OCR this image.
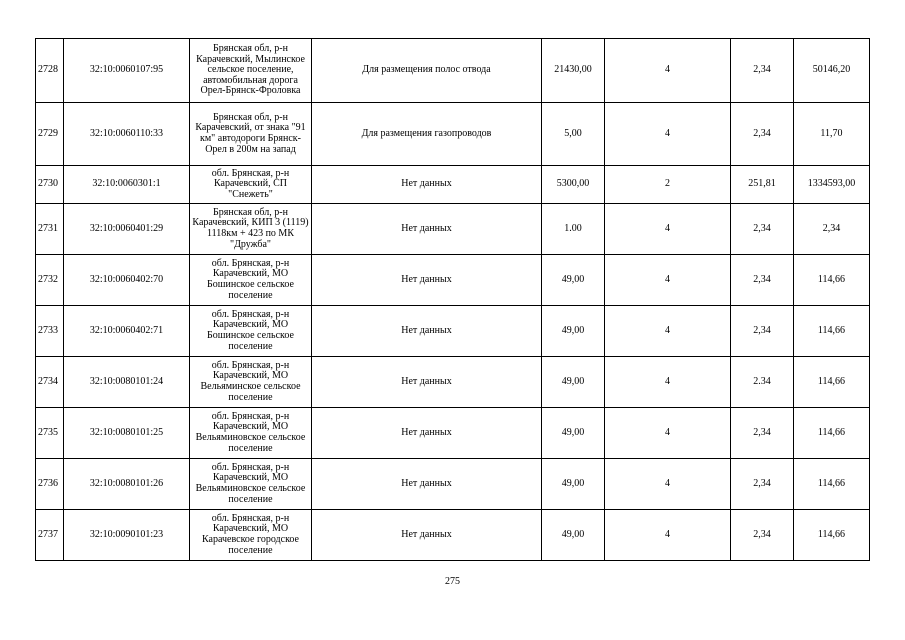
2728	32:10:0060107:95	Брянская обл, р-н Карачевский, Мылинское сельское поселение, автомобильная дорога Орел-Брянск-Фроловка	Для размещения полос отвода	21430,00	4	2,34	50146,20
2729	32:10:0060110:33	Брянская обл, р-н Карачевский, от знака "91 км" автодороги Брянск-Орел в 200м на запад	Для размещения газопроводов	5,00	4	2,34	11,70
2730	32:10:0060301:1	обл. Брянская, р-н Карачевский, СП "Снежеть"	Нет данных	5300,00	2	251,81	1334593,00
2731	32:10:0060401:29	Брянская обл, р-н Карачевский, КИП 3 (1119) 1118км + 423 по МК "Дружба"	Нет данных	1.00	4	2,34	2,34
2732	32:10:0060402:70	обл. Брянская, р-н Карачевский, МО Бошинское сельское поселение	Нет данных	49,00	4	2,34	114,66
2733	32:10:0060402:71	обл. Брянская, р-н Карачевский, МО Бошинское сельское поселение	Нет данных	49,00	4	2,34	114,66
2734	32:10:0080101:24	обл. Брянская, р-н Карачевский, МО Вельяминское сельское поселение	Нет данных	49,00	4	2.34	114,66
2735	32:10:0080101:25	обл. Брянская, р-н Карачевский, МО Вельяминовское сельское поселение	Нет данных	49,00	4	2,34	114,66
2736	32:10:0080101:26	обл. Брянская, р-н Карачевский, МО Вельяминовское сельское поселение	Нет данных	49,00	4	2,34	114,66
2737	32:10:0090101:23	обл. Брянская, р-н Карачевский, МО Карачевское городское поселение	Нет данных	49,00	4	2,34	114,66
275
